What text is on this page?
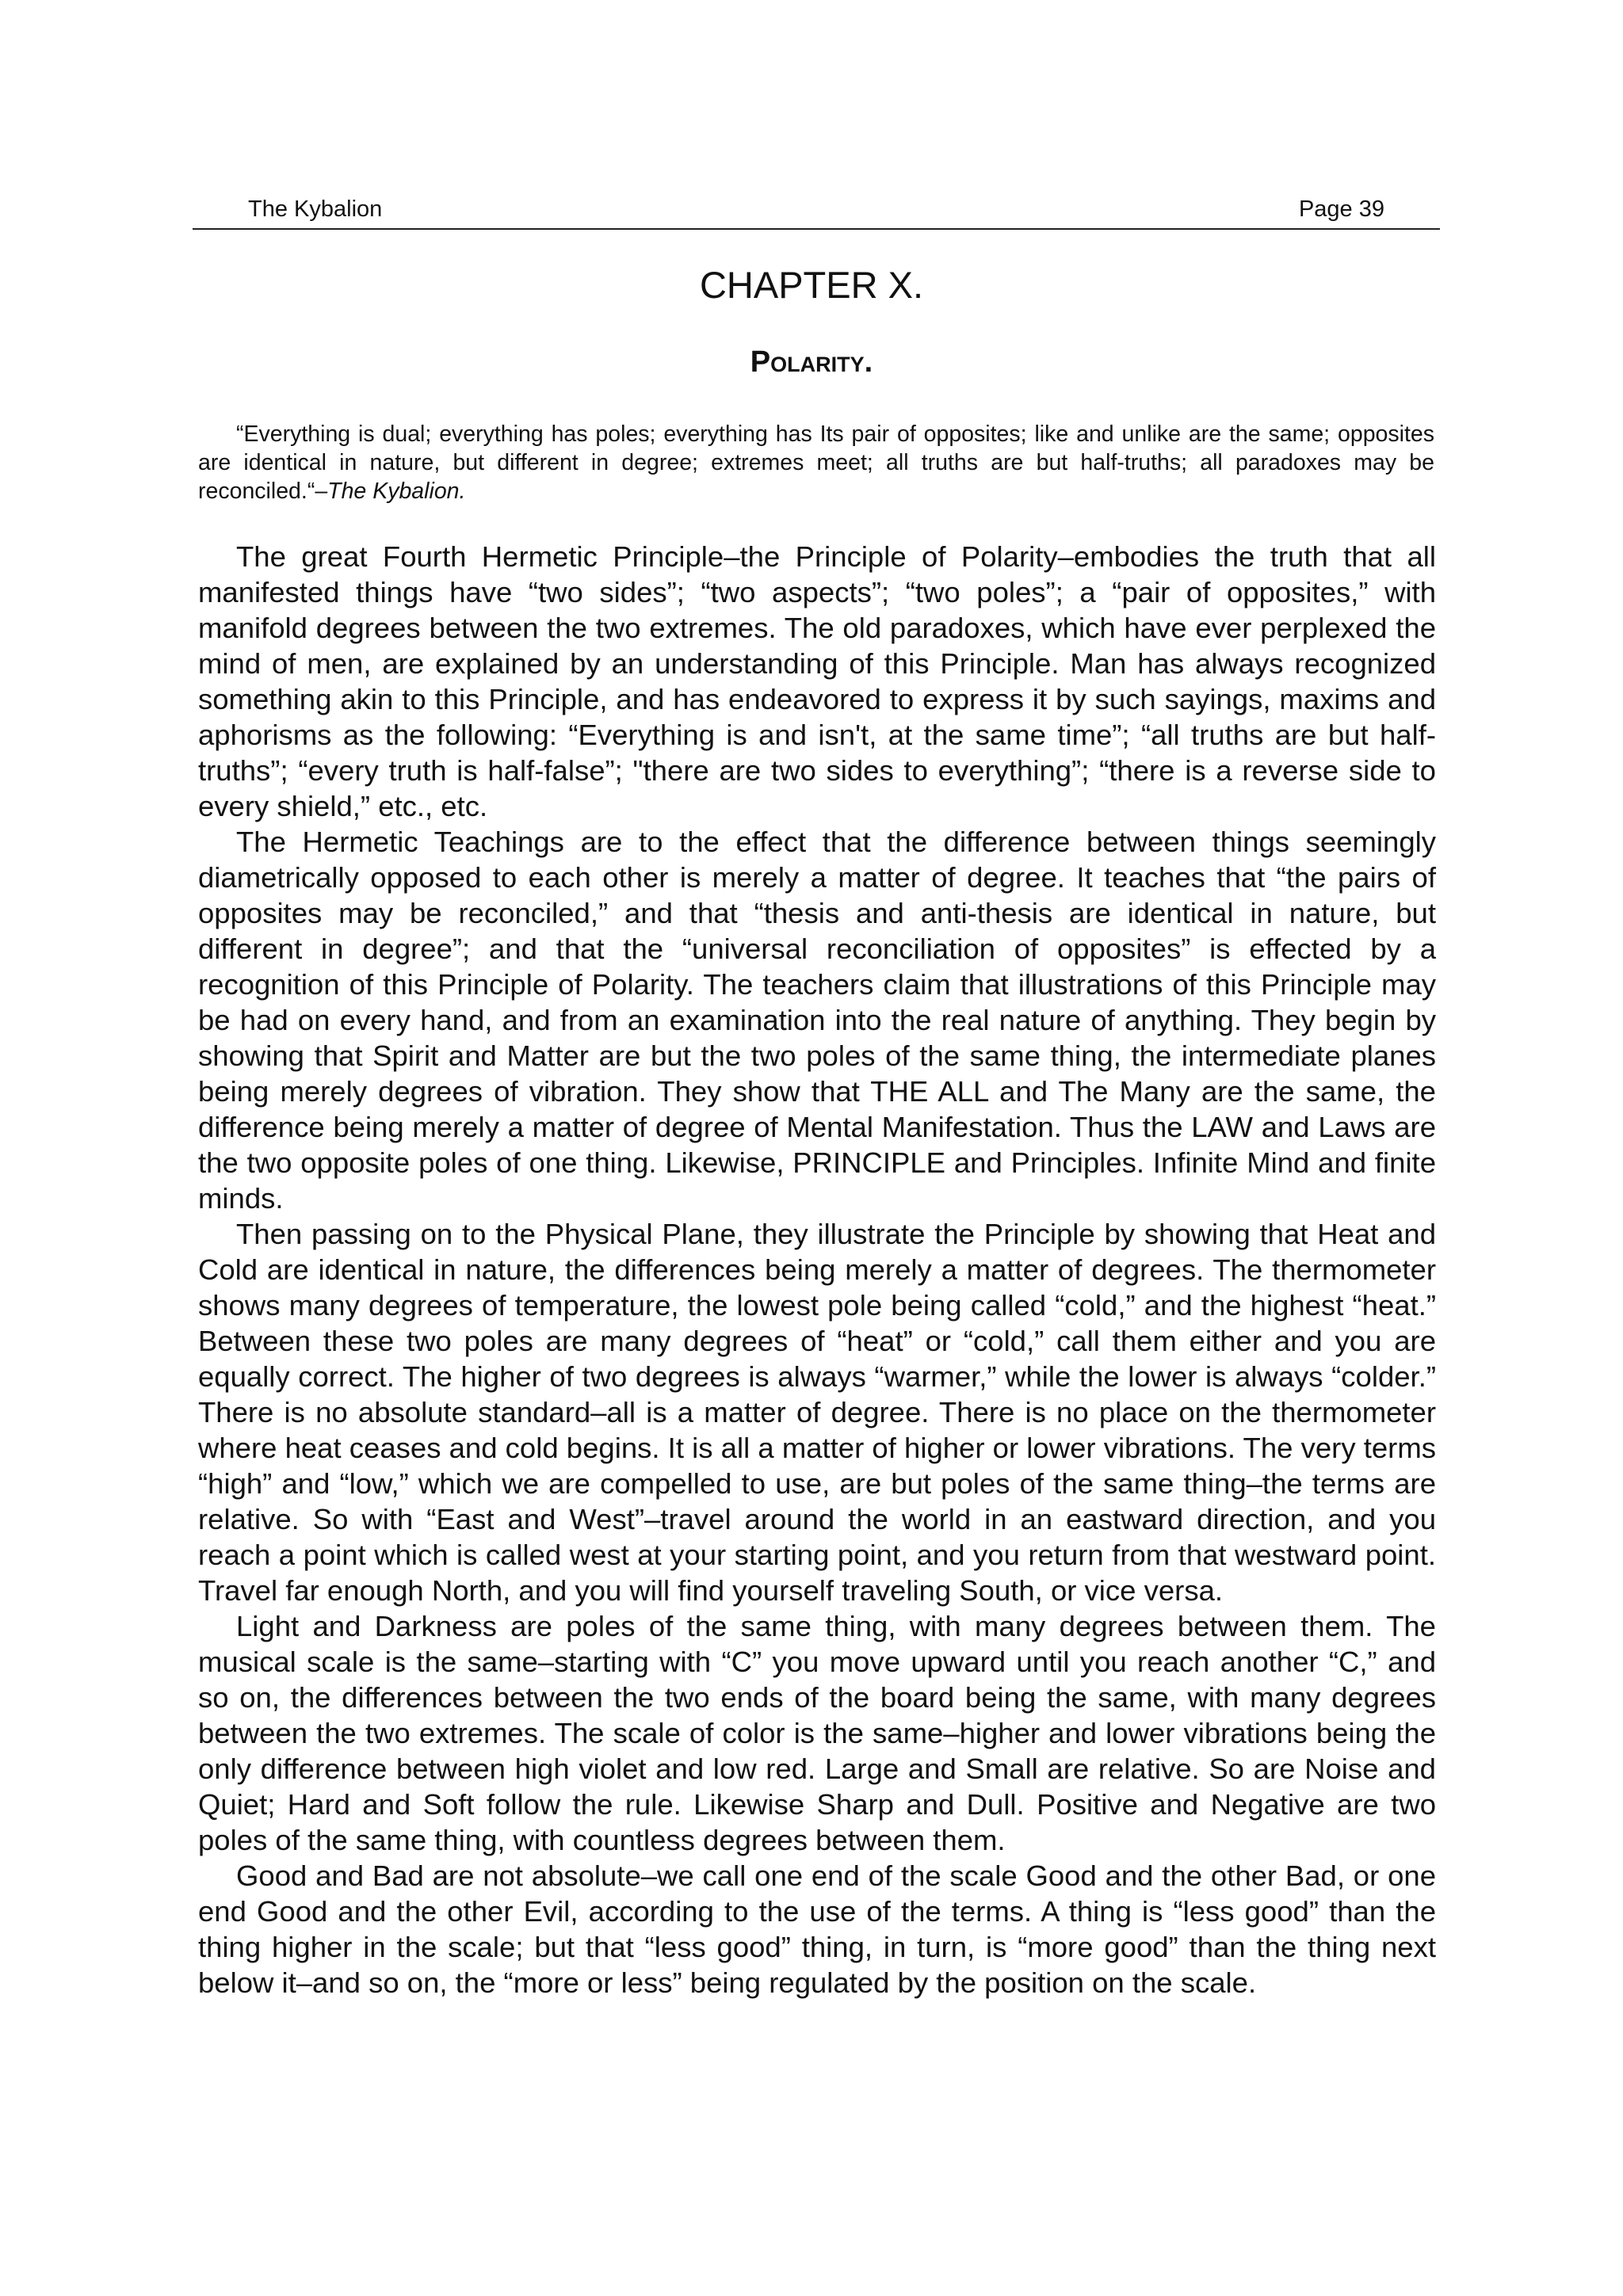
The Kybalion	Page 39
CHAPTER X.
Polarity.

“Everything is dual; everything has poles; everything has Its pair of opposites; like and unlike are the same; opposites are identical in nature, but different in degree; extremes meet; all truths are but half-truths; all paradoxes may be reconciled.“–The Kybalion.

The great Fourth Hermetic Principle–the Principle of Polarity–embodies the truth that all manifested things have “two sides”; “two aspects”; “two poles”; a “pair of opposites,” with manifold degrees between the two extremes. The old paradoxes, which have ever perplexed the mind of men, are explained by an understanding of this Principle. Man has always recognized something akin to this Principle, and has endeavored to express it by such sayings, maxims and aphorisms as the following: “Everything is and isn't, at the same time”; “all truths are but half-truths”; “every truth is half-false”; "there are two sides to everything”; “there is a reverse side to every shield,” etc., etc.

The Hermetic Teachings are to the effect that the difference between things seemingly diametrically opposed to each other is merely a matter of degree. It teaches that “the pairs of opposites may be reconciled,” and that “thesis and anti-thesis are identical in nature, but different in degree”; and that the “universal reconciliation of opposites” is effected by a recognition of this Principle of Polarity. The teachers claim that illustrations of this Principle may be had on every hand, and from an examination into the real nature of anything. They begin by showing that Spirit and Matter are but the two poles of the same thing, the intermediate planes being merely degrees of vibration. They show that THE ALL and The Many are the same, the difference being merely a matter of degree of Mental Manifestation. Thus the LAW and Laws are the two opposite poles of one thing. Likewise, PRINCIPLE and Principles. Infinite Mind and finite minds.

Then passing on to the Physical Plane, they illustrate the Principle by showing that Heat and Cold are identical in nature, the differences being merely a matter of degrees. The thermometer shows many degrees of temperature, the lowest pole being called “cold,” and the highest “heat.” Between these two poles are many degrees of “heat” or “cold,” call them either and you are equally correct. The higher of two degrees is always “warmer,” while the lower is always “colder.” There is no absolute standard–all is a matter of degree. There is no place on the thermometer where heat ceases and cold begins. It is all a matter of higher or lower vibrations. The very terms “high” and “low,” which we are compelled to use, are but poles of the same thing–the terms are relative. So with “East and West”–travel around the world in an eastward direction, and you reach a point which is called west at your starting point, and you return from that westward point. Travel far enough North, and you will find yourself traveling South, or vice versa.

Light and Darkness are poles of the same thing, with many degrees between them. The musical scale is the same–starting with “C” you move upward until you reach another “C,” and so on, the differences between the two ends of the board being the same, with many degrees between the two extremes. The scale of color is the same–higher and lower vibrations being the only difference between high violet and low red. Large and Small are relative. So are Noise and Quiet; Hard and Soft follow the rule. Likewise Sharp and Dull. Positive and Negative are two poles of the same thing, with countless degrees between them.

Good and Bad are not absolute–we call one end of the scale Good and the other Bad, or one end Good and the other Evil, according to the use of the terms. A thing is “less good” than the thing higher in the scale; but that “less good” thing, in turn, is “more good” than the thing next below it–and so on, the “more or less” being regulated by the position on the scale.
